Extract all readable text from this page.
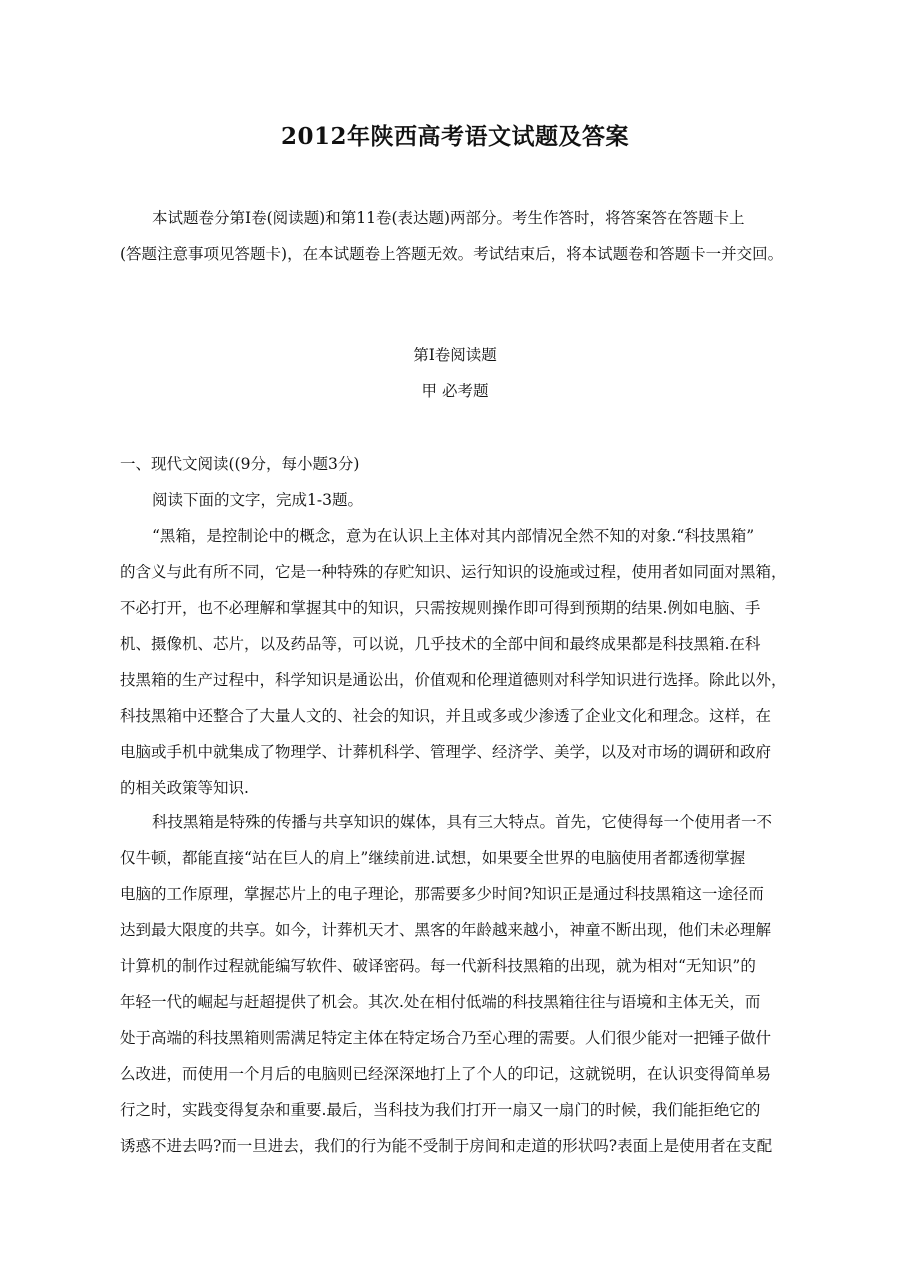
2012年陕西高考语文试题及答案
本试题卷分第Ⅰ卷(阅读题)和第11卷(表达题)两部分。考生作答时，将答案答在答题卡上
(答题注意事项见答题卡)，在本试题卷上答题无效。考试结束后，将本试题卷和答题卡一并交回。
第Ⅰ卷阅读题
甲 必考题
一、现代文阅读((9分，每小题3分)
阅读下面的文字，完成1-3题。
“黑箱，是控制论中的概念，意为在认识上主体对其内部情况全然不知的对象.“科技黑箱”
的含义与此有所不同，它是一种特殊的存贮知识、运行知识的设施或过程，使用者如同面对黑箱，
不必打开，也不必理解和掌握其中的知识，只需按规则操作即可得到预期的结果.例如电脑、手
机、摄像机、芯片，以及药品等，可以说，几乎技术的全部中间和最终成果都是科技黑箱.在科
技黑箱的生产过程中，科学知识是通讼出，价值观和伦理道德则对科学知识进行选择。除此以外，
科技黑箱中还整合了大量人文的、社会的知识，并且或多或少渗透了企业文化和理念。这样，在
电脑或手机中就集成了物理学、计葬机科学、管理学、经济学、美学，以及对市场的调研和政府
的相关政策等知识.
科技黑箱是特殊的传播与共享知识的媒体，具有三大特点。首先，它使得每一个使用者一不
仅牛顿，都能直接“站在巨人的肩上”继续前进.试想，如果要全世界的电脑使用者都透彻掌握
电脑的工作原理，掌握芯片上的电子理论，那需要多少时间?知识正是通过科技黑箱这一途径而
达到最大限度的共享。如今，计葬机天才、黑客的年龄越来越小，神童不断出现，他们未必理解
计算机的制作过程就能编写软件、破译密码。每一代新科技黑箱的出现，就为相对“无知识”的
年轻一代的崛起与赶超提供了机会。其次.处在相付低端的科技黑箱往往与语境和主体无关，而
处于高端的科技黑箱则需满足特定主体在特定场合乃至心理的需要。人们很少能对一把锤子做什
么改进，而使用一个月后的电脑则已经深深地打上了个人的印记，这就锐明，在认识变得简单易
行之时，实践变得复杂和重要.最后，当科技为我们打开一扇又一扇门的时候，我们能拒绝它的
诱惑不进去吗?而一旦进去，我们的行为能不受制于房间和走道的形状吗?表面上是使用者在支配
